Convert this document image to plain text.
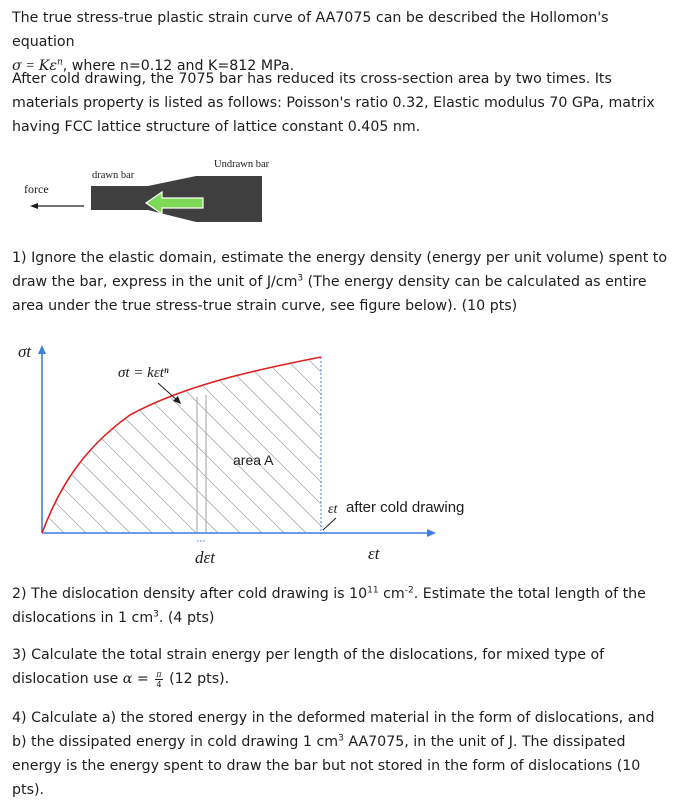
The true stress-true plastic strain curve of AA7075 can be described the Hollomon's equation
$\sigma = K\varepsilon^n$, where n=0.12 and K=812 MPa.

After cold drawing, the 7075 bar has reduced its cross-section area by two times. Its materials property is listed as follows: Poisson's ratio 0.32, Elastic modulus 70 GPa, matrix having FCC lattice structure of lattice constant 0.405 nm.

Undrawn bar
drawn bar
force

1) Ignore the elastic domain, estimate the energy density (energy per unit volume) spent to draw the bar, express in the unit of $J/cm^3$ (The energy density can be calculated as entire area under the true stress-true strain curve, see figure below). (10 pts)

σt
σt = kεtⁿ
area A
εt after cold drawing
dεt	εt

2) The dislocation density after cold drawing is $10^{11}$ $cm^{-2}$. Estimate the total length of the dislocations in 1 $cm^3$. (4 pts)

3) Calculate the total strain energy per length of the dislocations, for mixed type of dislocation use $\alpha = \frac{\pi}{4} (12$ pts).

4) Calculate a) the stored energy in the deformed material in the form of dislocations, and b) the dissipated energy in cold drawing 1 $cm^3$ AA7075, in the unit of J. The dissipated energy is the energy spent to draw the bar but not stored in the form of dislocations (10 pts).
